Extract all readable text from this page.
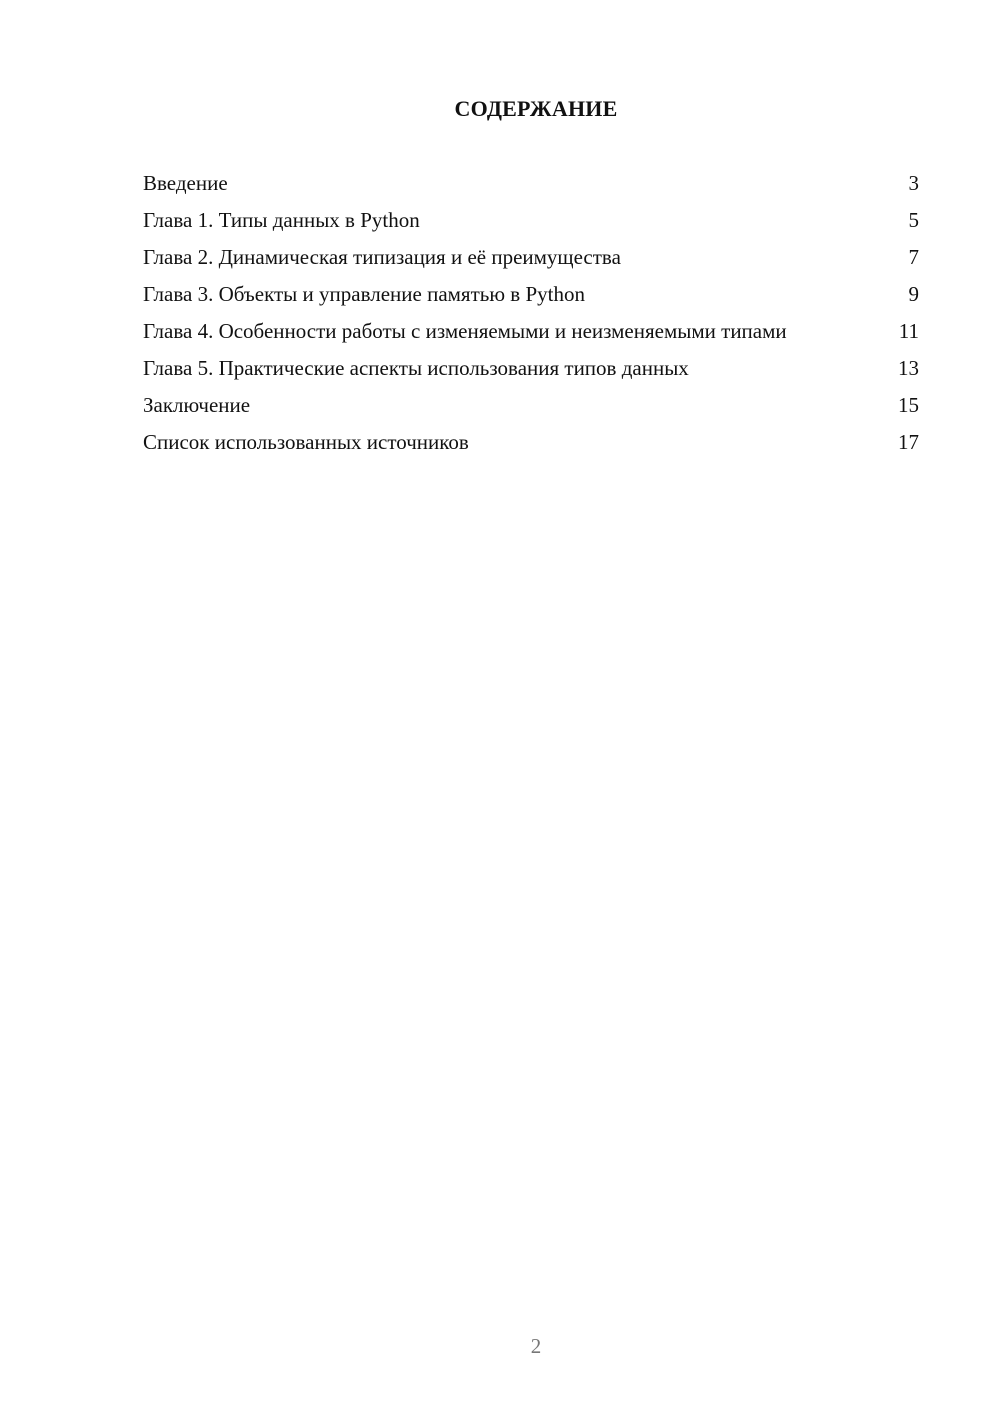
СОДЕРЖАНИЕ
Введение	3
Глава 1. Типы данных в Python	5
Глава 2. Динамическая типизация и её преимущества	7
Глава 3. Объекты и управление памятью в Python	9
Глава 4. Особенности работы с изменяемыми и неизменяемыми типами	11
Глава 5. Практические аспекты использования типов данных	13
Заключение	15
Список использованных источников	17
2
